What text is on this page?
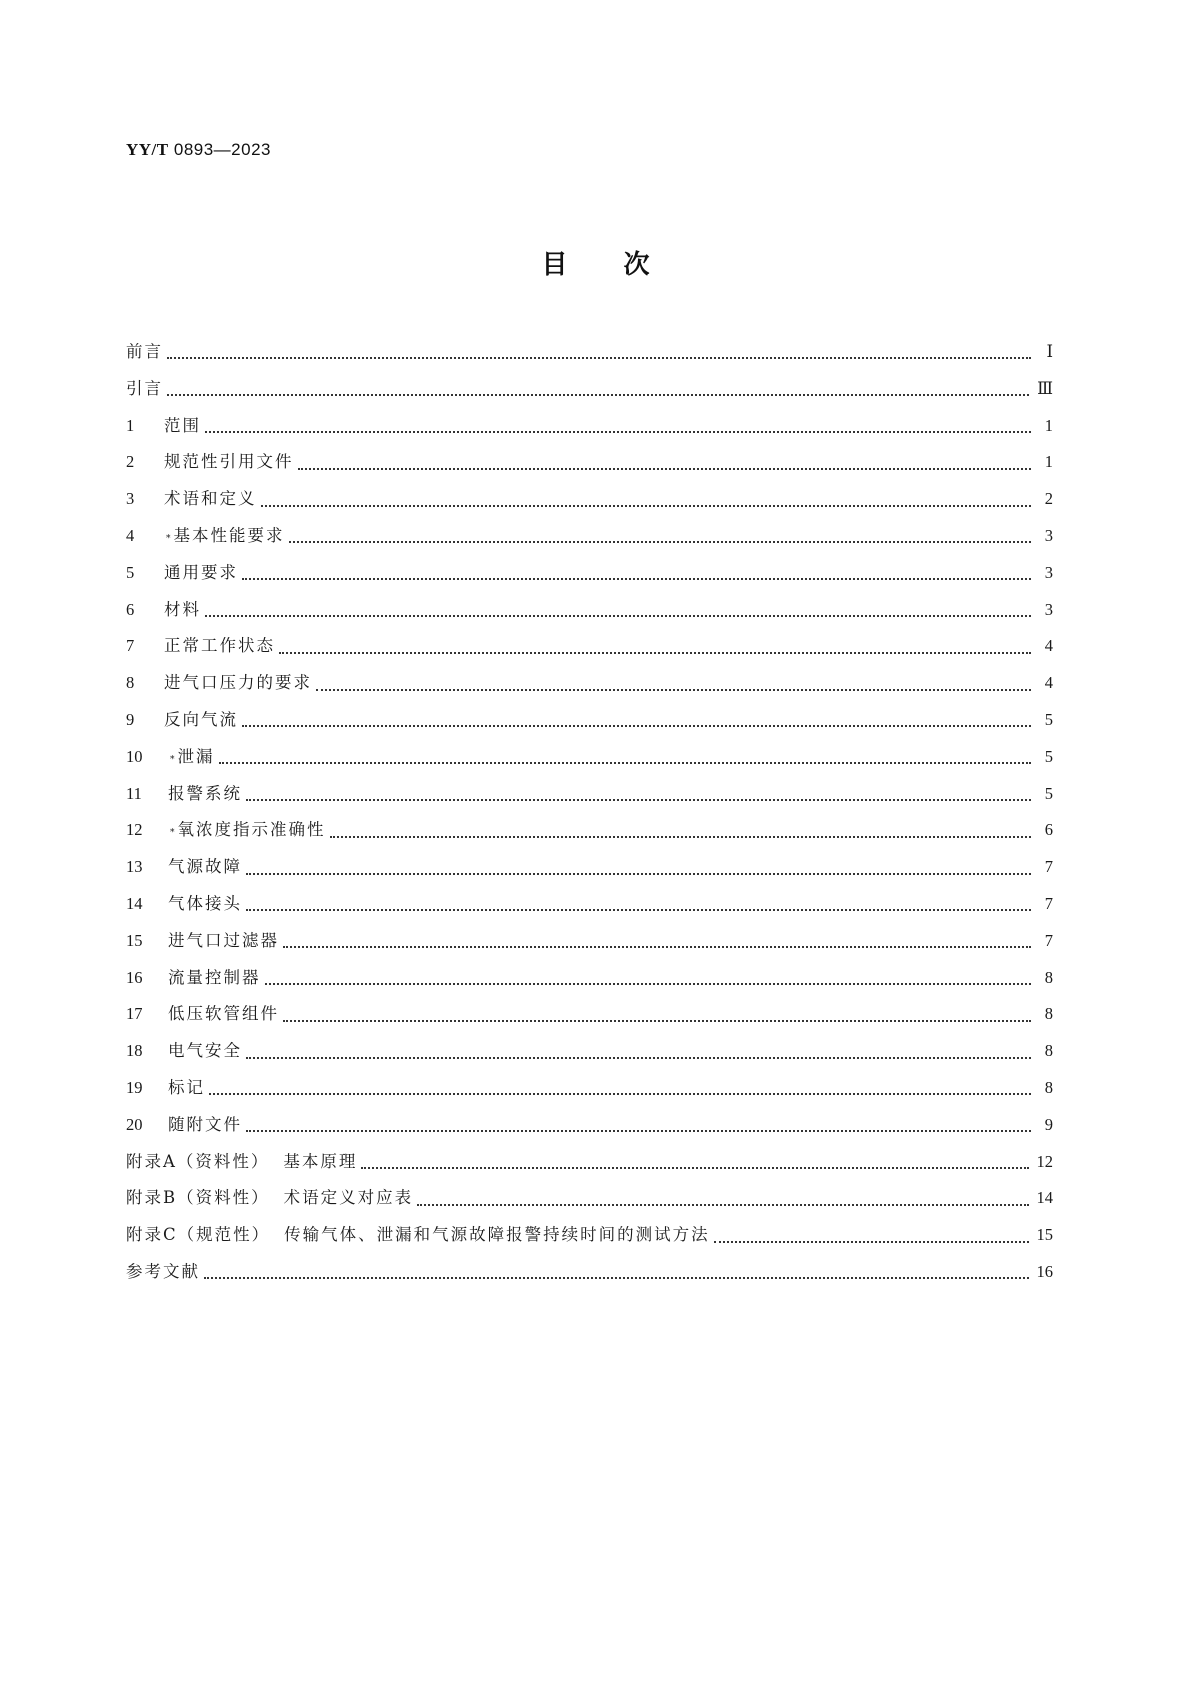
YY/T 0893—2023
目次
前言	Ⅰ
引言	Ⅲ
1	范围	1
2	规范性引用文件	1
3	术语和定义	2
4	* 基本性能要求	3
5	通用要求	3
6	材料	3
7	正常工作状态	4
8	进气口压力的要求	4
9	反向气流	5
10	* 泄漏	5
11	报警系统	5
12	* 氧浓度指示准确性	6
13	气源故障	7
14	气体接头	7
15	进气口过滤器	7
16	流量控制器	8
17	低压软管组件	8
18	电气安全	8
19	标记	8
20	随附文件	9
附录A（资料性） 基本原理	12
附录B（资料性） 术语定义对应表	14
附录C（规范性） 传输气体、泄漏和气源故障报警持续时间的测试方法	15
参考文献	16
